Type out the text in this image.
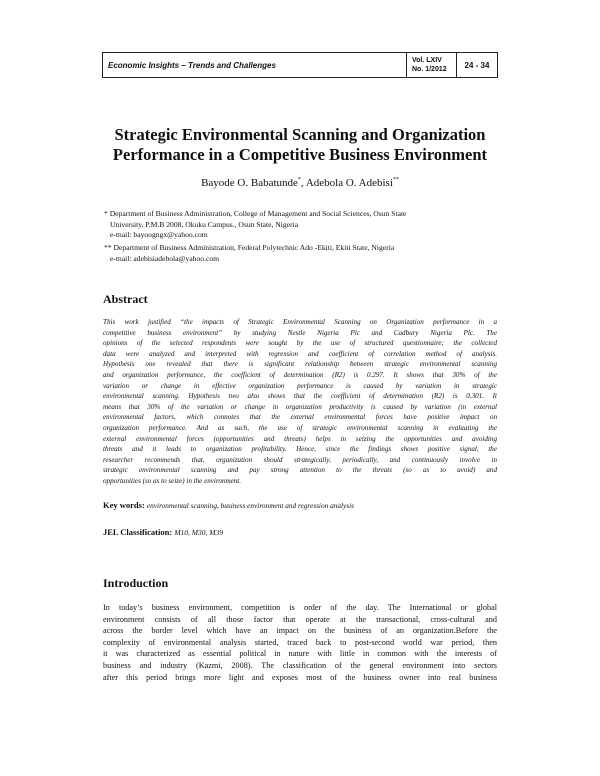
Economic Insights – Trends and Challenges	Vol. LXIV
No. 1/2012	24 - 34
Strategic Environmental Scanning and Organization
Performance in a Competitive Business Environment
Bayode O. Babatunde*, Adebola O. Adebisi**
* Department of Business Administration, College of Management and Social Sciences, Osun State
University, P.M.B 2008, Okuku Campus., Osun State, Nigeria
e-mail: bayoogngx@yahoo.com
** Department of Business Administration, Federal Polytechnic Ado -Ekiti, Ekiti State, Nigeria
e-mail: adebisiadebola@yahoo.com
Abstract

This work justified “the impacts of Strategic Environmental Scanning on Organization performance in a
competitive business environment” by studying Nestle Nigeria Plc and Cadbury Nigeria Plc. The
opinions of the selected respondents were sought by the use of structured questionnaire; the collected
data were analyzed and interpreted with regression and coefficient of correlation method of analysis.
Hypothesis one revealed that there is significant relationship between strategic environmental scanning
and organization performance, the coefficient of determination (R2) is 0.297. It shows that 30% of the
variation or change in effective organization performance is caused by variation in strategic
environmental scanning. Hypothesis two also shows that the coefficient of determination (R2) is 0.301. It
means that 30% of the variation or change in organization productivity is caused by variation (in external
environmental factors, which connotes that the external environmental forces have positive impact on
organization performance. And as such, the use of strategic environmental scanning in evaluating the
external environmental forces (opportunities and threats) helps in seizing the opportunities and avoiding
threats and it leads to organization profitability. Hence, since the findings shows positive signal, the
researcher recommends that, organization should strategically, periodically, and continuously involve in
strategic environmental scanning and pay strong attention to the threats (so as to avoid) and
opportunities (so as to seize) in the environment.

Key words: environmental scanning, business environment and regression analysis
JEL Classification: M10, M30, M39
Introduction

In today’s business environment, competition is order of the day. The International or global
environment consists of all those factor that operate at the transactional, cross-cultural and
across the border level which have an impact on the business of an organization.Before the
complexity of environmental analysis started, traced back to post-second world war period, then
it was characterized as essential political in nature with little in common with the interests of
business and industry (Kazmi, 2008). The classification of the general environment into sectors
after this period brings more light and exposes most of the business owner into real business
